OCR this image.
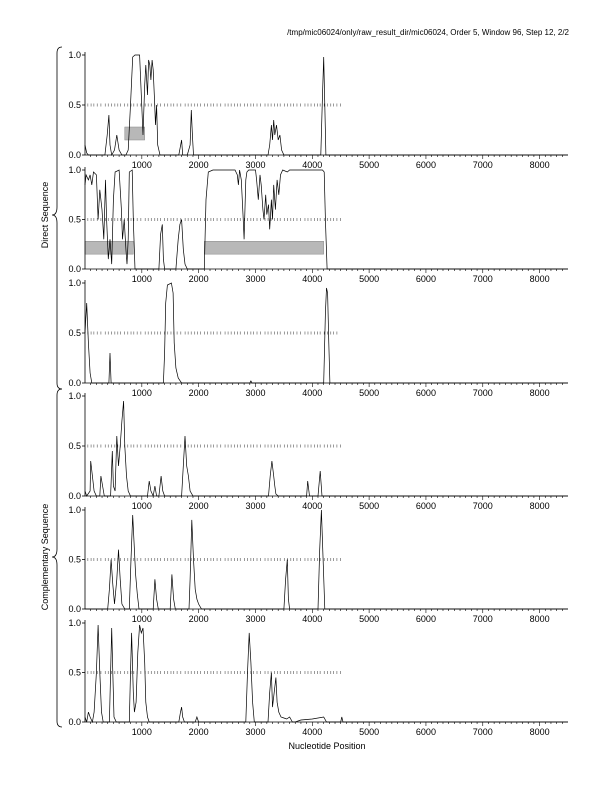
/tmp/mic06024/only/raw_result_dir/mic06024, Order 5, Window 96, Step 12, 2/2
0.0
0.5
1.0
1000	2000	3000	4000	5000	6000	7000	8000
0.0
0.5
1.0
1000	2000	3000	4000	5000	6000	7000	8000
0.0
0.5
1.0
1000	2000	3000	4000	5000	6000	7000	8000
0.0
0.5
1.0
1000	2000	3000	4000	5000	6000	7000	8000
0.0
0.5
1.0
1000	2000	3000	4000	5000	6000	7000	8000
0.0
0.5
1.0
1000	2000	3000	4000	5000	6000	7000	8000
Direct Sequence
Complementary Sequence
Nucleotide Position
